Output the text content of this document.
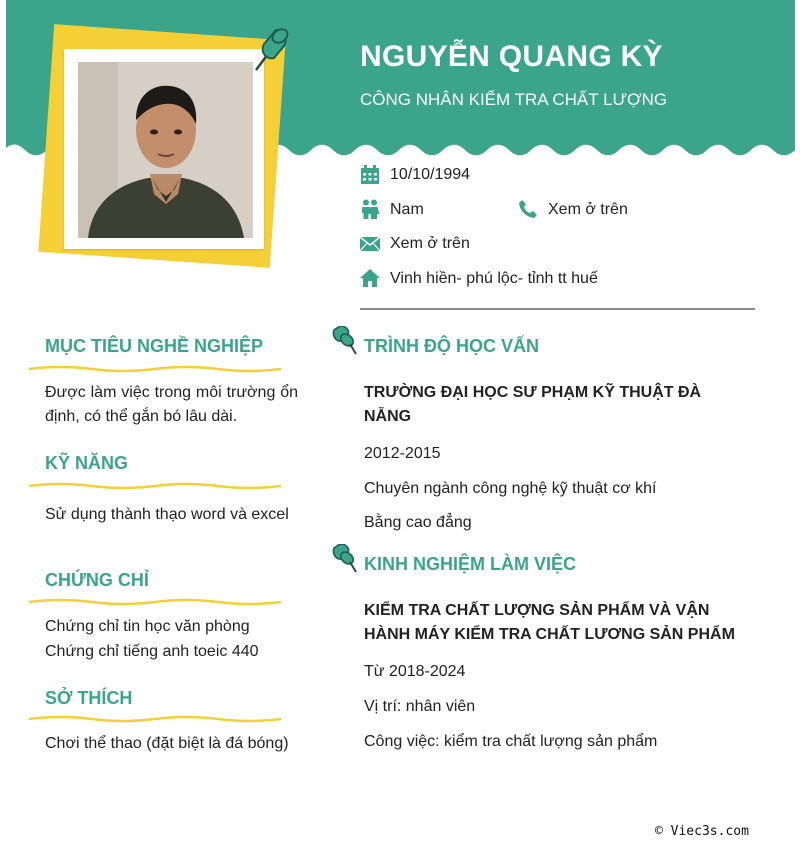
NGUYỄN QUANG KỲ
CÔNG NHÂN KIỂM TRA CHẤT LƯỢNG
10/10/1994
Nam	Xem ở trên
Xem ở trên
Vinh hiền- phú lộc- tỉnh tt huế
MỤC TIÊU NGHỀ NGHIỆP
Được làm việc trong môi trường ổn định, có thể gắn bó lâu dài.
KỸ NĂNG
Sử dụng thành thạo word và excel
CHỨNG CHỈ
Chứng chỉ tin học văn phòng
Chứng chỉ tiếng anh toeic 440
SỞ THÍCH
Chơi thể thao (đặt biệt là đá bóng)
TRÌNH ĐỘ HỌC VẤN
TRƯỜNG ĐẠI HỌC SƯ PHẠM KỸ THUẬT ĐÀ NẴNG
2012-2015
Chuyên ngành công nghệ kỹ thuật cơ khí
Bằng cao đẳng
KINH NGHIỆM LÀM VIỆC
KIỂM TRA CHẤT LƯỢNG SẢN PHẨM VÀ VẬN HÀNH MÁY KIỂM TRA CHẤT LƯƠNG SẢN PHẨM
Từ 2018-2024
Vị trí: nhân viên
Công việc: kiểm tra chất lượng sản phẩm
© Viec3s.com
